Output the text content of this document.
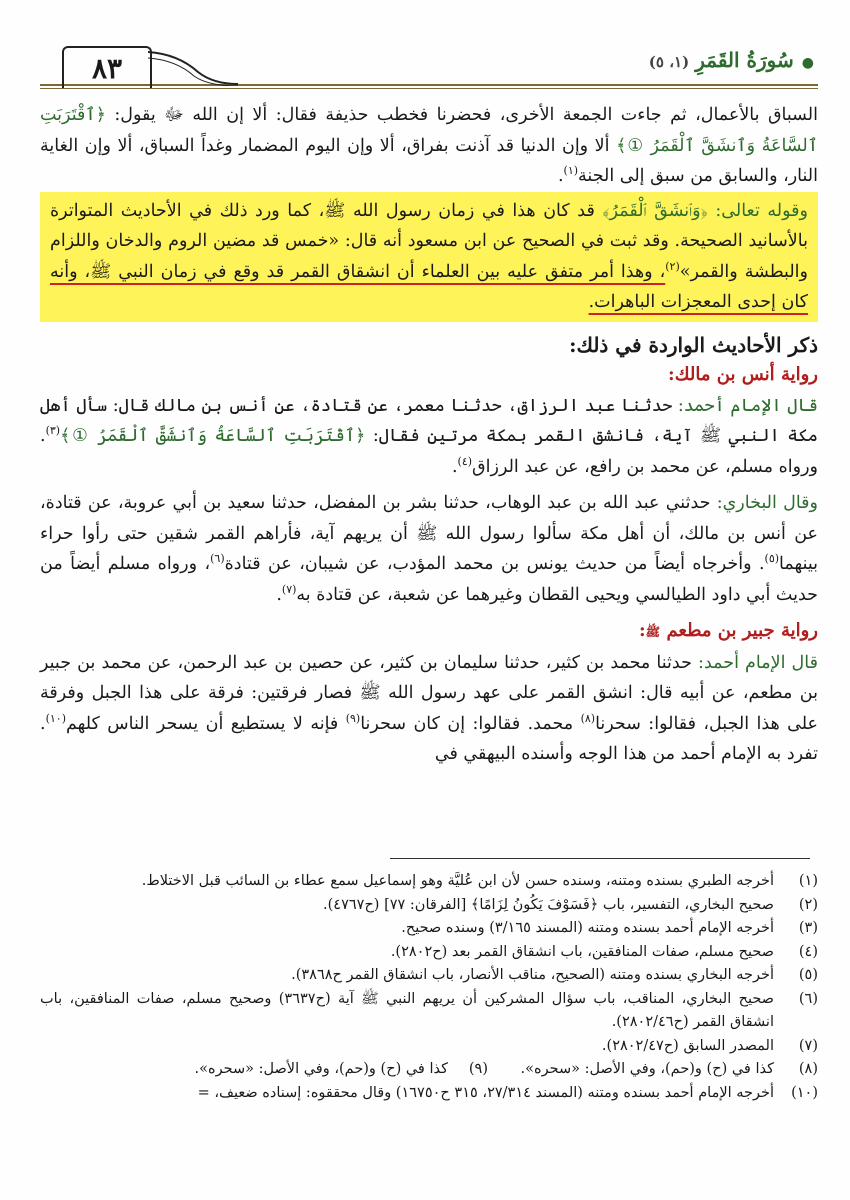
٨٣	●سُورَةُ القَمَرِ(١، ٥)

السباق بالأعمال، ثم جاءت الجمعة الأخرى، فحضرنا فخطب حذيفة فقال: ألا إن الله ﷻ يقول: ﴿ٱقْتَرَبَتِ ٱلسَّاعَةُ وَٱنشَقَّ ٱلْقَمَرُ ①﴾ ألا وإن الدنيا قد آذنت بفراق، ألا وإن اليوم المضمار وغداً السباق، ألا وإن الغاية النار، والسابق من سبق إلى الجنة$^{(١)}$.

وقوله تعالى: ﴿وَٱنشَقَّ ٱلْقَمَرُ﴾ قد كان هذا في زمان رسول الله ﷺ، كما ورد ذلك في الأحاديث المتواترة بالأسانيد الصحيحة. وقد ثبت في الصحيح عن ابن مسعود أنه قال: «خمس قد مضين الروم والدخان واللزام والبطشة والقمر»$^{(٢)}$، وهذا أمر متفق عليه بين العلماء أن انشقاق القمر قد وقع في زمان النبي ﷺ، وأنه كان إحدى المعجزات الباهرات.

ذكر الأحاديث الواردة في ذلك:

رواية أنس بن مالك:

قال الإمام أحمد: حدثنا عبد الرزاق، حدثنا معمر، عن قتادة، عن أنس بن مالك قال: سأل أهل مكة النبي ﷺ آية، فانشق القمر بمكة مرتين فقال: ﴿ٱقْتَرَبَتِ ٱلسَّاعَةُ وَٱنشَقَّ ٱلْقَمَرُ ①﴾$^{(٣)}$. ورواه مسلم، عن محمد بن رافع، عن عبد الرزاق$^{(٤)}$.

وقال البخاري: حدثني عبد الله بن عبد الوهاب، حدثنا بشر بن المفضل، حدثنا سعيد بن أبي عروبة، عن قتادة، عن أنس بن مالك، أن أهل مكة سألوا رسول الله ﷺ أن يريهم آية، فأراهم القمر شقين حتى رأوا حراء بينهما$^{(٥)}$. وأخرجاه أيضاً من حديث يونس بن محمد المؤدب، عن شيبان، عن قتادة$^{(٦)}$، ورواه مسلم أيضاً من حديث أبي داود الطيالسي ويحيى القطان وغيرهما عن شعبة، عن قتادة به$^{(٧)}$.

رواية جبير بن مطعم ﷺ:

قال الإمام أحمد: حدثنا محمد بن كثير، حدثنا سليمان بن كثير، عن حصين بن عبد الرحمن، عن محمد بن جبير بن مطعم، عن أبيه قال: انشق القمر على عهد رسول الله ﷺ فصار فرقتين: فرقة على هذا الجبل وفرقة على هذا الجبل، فقالوا: سحرنا$^{(٨)}$ محمد. فقالوا: إن كان سحرنا$^{(٩)}$ فإنه لا يستطيع أن يسحر الناس كلهم$^{(١٠)}$. تفرد به الإمام أحمد من هذا الوجه وأسنده البيهقي في

(١)
أخرجه الطبري بسنده ومتنه، وسنده حسن لأن ابن عُليَّة وهو إسماعيل سمع عطاء بن السائب قبل الاختلاط.
(٢)
صحيح البخاري، التفسير، باب ﴿فَسَوْفَ يَكُونُ لِزَامًا﴾ [الفرقان: ٧٧] (ح٤٧٦٧).
(٣)
أخرجه الإمام أحمد بسنده ومتنه (المسند ٣/١٦٥) وسنده صحيح.
(٤)
صحيح مسلم، صفات المنافقين، باب انشقاق القمر بعد (ح٢٨٠٢).
(٥)
أخرجه البخاري بسنده ومتنه (الصحيح، مناقب الأنصار، باب انشقاق القمر ح٣٨٦٨).
(٦)
صحيح البخاري، المناقب، باب سؤال المشركين أن يريهم النبي ﷺ آية (ح٣٦٣٧) وصحيح مسلم، صفات المنافقين، باب انشقاق القمر (ح٢٨٠٢/٤٦).
(٧)
المصدر السابق (ح٢٨٠٢/٤٧).
(٨)
كذا في (ح) و(حم)، وفي الأصل: «سحره».
(٩)
كذا في (ح) و(حم)، وفي الأصل: «سحره».
(١٠)
أخرجه الإمام أحمد بسنده ومتنه (المسند ٢٧/٣١٤، ٣١٥ ح١٦٧٥٠) وقال محققوه: إسناده ضعيف، =
